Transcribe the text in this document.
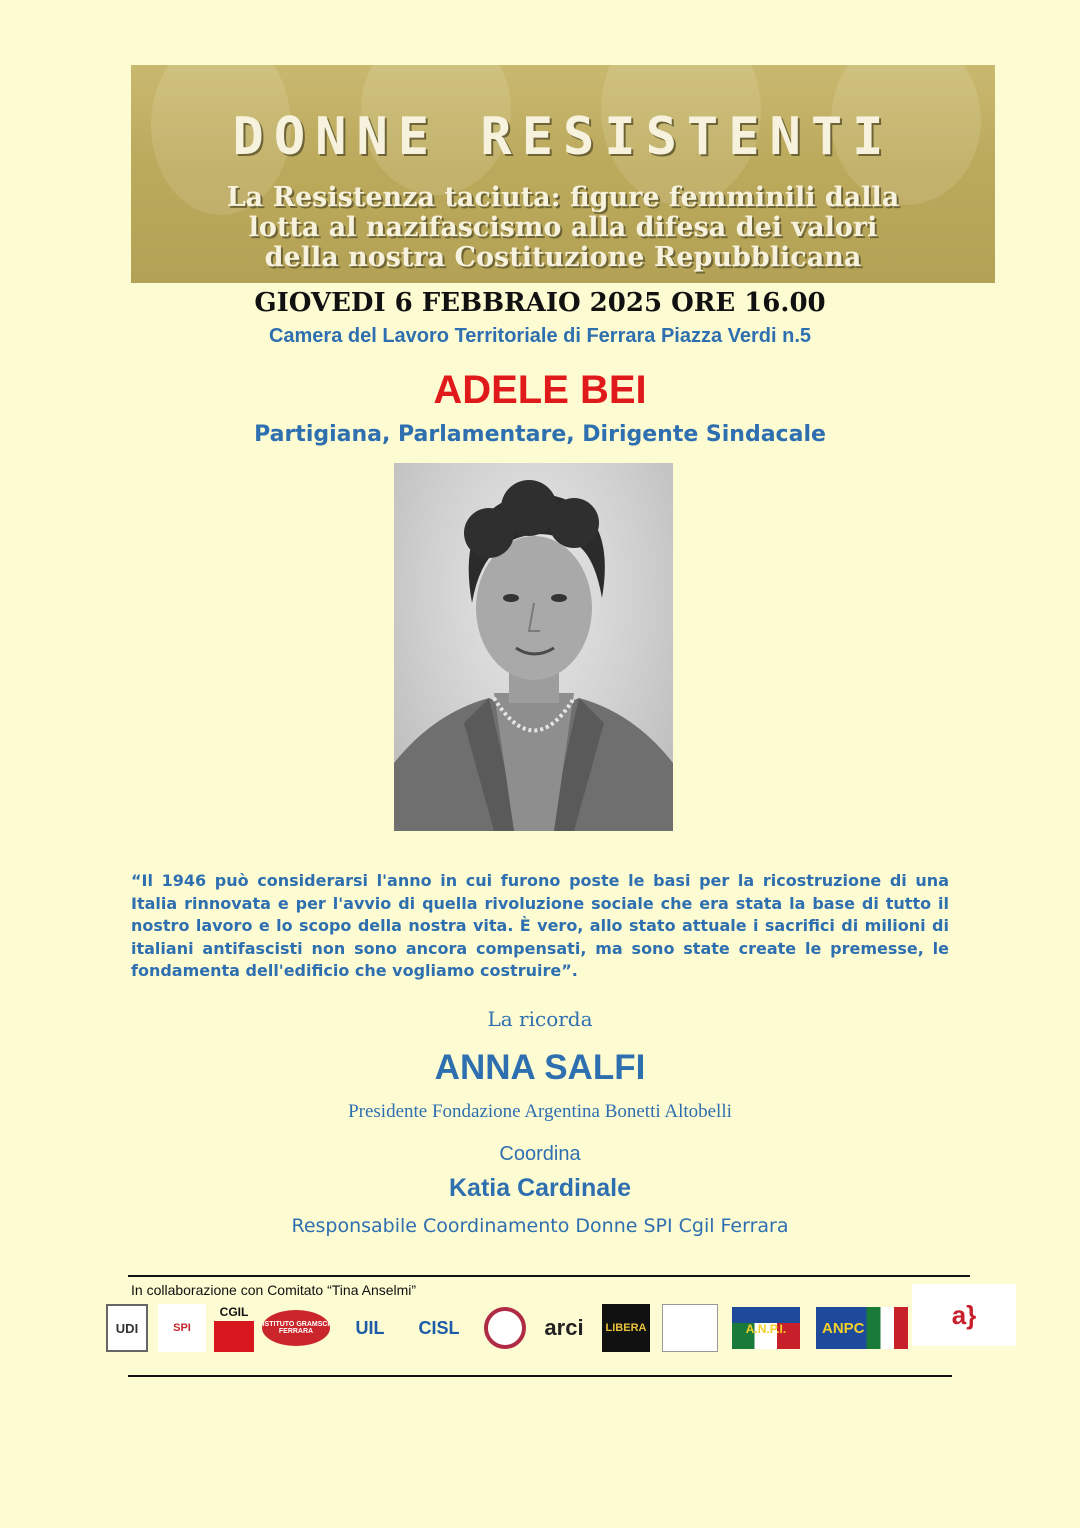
DONNE RESISTENTI
La Resistenza taciuta: figure femminili dalla
lotta al nazifascismo alla difesa dei valori
della nostra Costituzione Repubblicana
GIOVEDI 6 FEBBRAIO 2025 ORE 16.00
Camera del Lavoro Territoriale di Ferrara Piazza Verdi n.5
ADELE BEI
Partigiana, Parlamentare, Dirigente Sindacale
“Il 1946 può considerarsi l'anno in cui furono poste le basi per la ricostruzione di una Italia rinnovata e per l'avvio di quella rivoluzione sociale che era stata la base di tutto il nostro lavoro e lo scopo della nostra vita. È vero, allo stato attuale i sacrifici di milioni di italiani antifascisti non sono ancora compensati, ma sono state create le premesse, le fondamenta dell'edificio che vogliamo costruire”.
La ricorda
ANNA SALFI
Presidente Fondazione Argentina Bonetti Altobelli
Coordina
Katia Cardinale
Responsabile Coordinamento Donne SPI Cgil Ferrara
In collaborazione con Comitato “Tina Anselmi”
UDI	SPI
CGIL
ISTITUTO GRAMSCI FERRARA	UIL	CISL	arci	LIBERA	A.N.P.I.	ANPC	a}
